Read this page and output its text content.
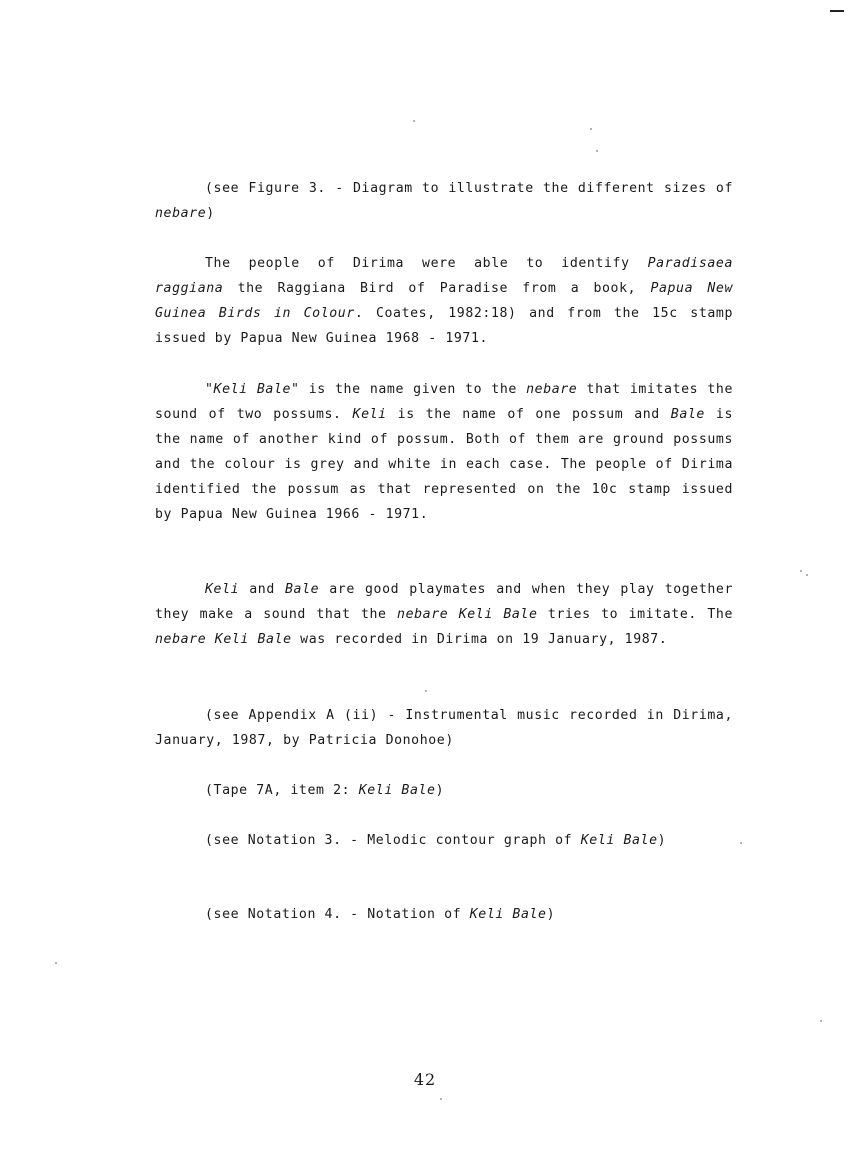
(see Figure 3. - Diagram to illustrate the different sizes of nebare)

The people of Dirima were able to identify Paradisaea raggiana the Raggiana Bird of Paradise from a book, Papua New Guinea Birds in Colour. Coates, 1982:18) and from the 15c stamp issued by Papua New Guinea 1968 - 1971.

"Keli Bale" is the name given to the nebare that imitates the sound of two possums. Keli is the name of one possum and Bale is the name of another kind of possum. Both of them are ground possums and the colour is grey and white in each case. The people of Dirima identified the possum as that represented on the 10c stamp issued by Papua New Guinea 1966 - 1971.

Keli and Bale are good playmates and when they play together they make a sound that the nebare Keli Bale tries to imitate. The nebare Keli Bale was recorded in Dirima on 19 January, 1987.

(see Appendix A (ii) - Instrumental music recorded in Dirima, January, 1987, by Patricia Donohoe)

(Tape 7A, item 2: Keli Bale)

(see Notation 3. - Melodic contour graph of Keli Bale)

(see Notation 4. - Notation of Keli Bale)

42
